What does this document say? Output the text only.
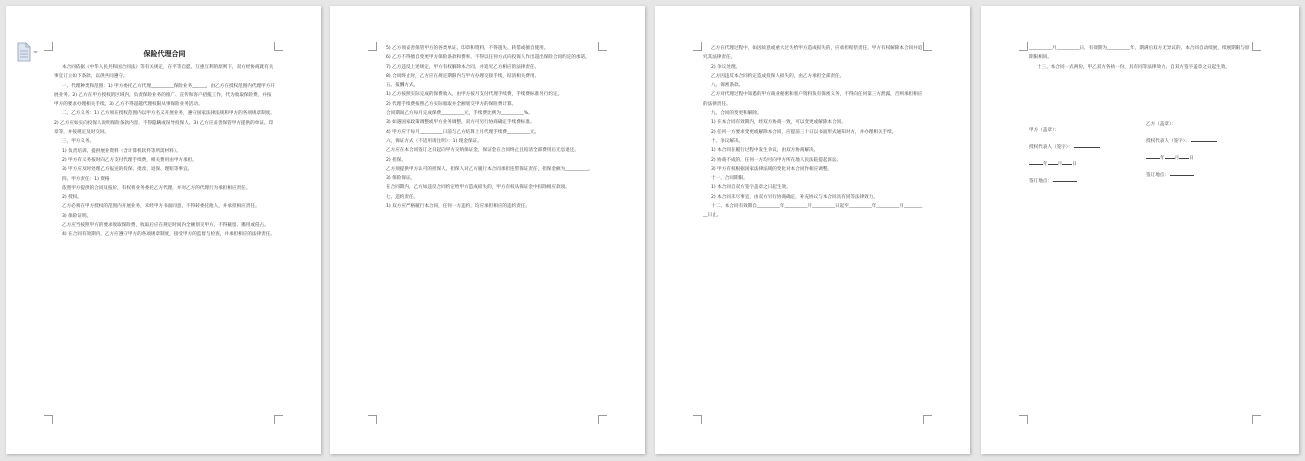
保险代理合同

本合同依据《中华人民共和国合同法》等有关规定，在平等自愿、互惠互利的原则下，双方经协商就有关事宜订立如下条款，以供共同遵守。

一、代理种类和范围：1) 甲方委托乙方代理__________保险业务______，由乙方在授权范围内代理甲方开展业务。2) 乙方在甲方授权的区域内，负责保险业务的推广、宣传和客户招揽工作，代为收取保险费，并按甲方的要求办理相关手续。3) 乙方不得超越代理权限从事保险业务活动。

二、乙方义务：1) 乙方须在授权范围内以甲方名义开展业务，遵守国家法律法规和甲方的各项规章制度。2) 乙方应如实向投保人说明保险条款内容，不得隐瞒或误导投保人。3) 乙方应妥善保管甲方提供的单证、印章等，并按规定及时交回。

三、甲方义务。

1) 负责培训、提供展业资料（含计算机软件等所需材料）。

2) 甲方有义务按时向乙方支付代理手续费，相关费用由甲方承担。

3) 甲方应及时处理乙方报送的投保、批改、退保、理赔等事宜。

四、甲方责任：1) 资格

依照甲方提供的合同及报价，有权将业务委托乙方代理，并对乙方的代理行为承担相应责任。

2) 授权。

乙方必须在甲方授权的范围内开展业务，未经甲方书面同意，不得转委托他人，并承担相应责任。

3) 保险证明。

乙方应当按照甲方的要求收取保险费，收取后应在规定时间内全额划交甲方，不得截留、挪用或侵占。

4) 在合同有效期内，乙方应遵守甲方的各项规章制度，接受甲方的监督与检查，并承担相应的法律责任。

5) 乙方须妥善保管甲方的各类单证、印章和资料，不得遗失、转借或擅自使用。

6) 乙方不得擅自变更甲方保险条款和费率，不得以任何方式向投保人作出超出保险合同约定的承诺。

7) 乙方违反上述规定，甲方有权解除本合同，并追究乙方相应的法律责任。

8) 合同终止时，乙方应在规定期限内与甲方办理交接手续，结清相关费用。

五、报酬方式。

1) 乙方按照实际完成的保费收入，由甲方按月支付代理手续费，手续费标准另行约定。

2) 代理手续费按照乙方实际收取并全额划交甲方的保险费计算。

合同期间乙方每月完成保费__________元，手续费比例为__________%。

3) 如遇国家政策调整或甲方业务调整，双方可另行协商确定手续费标准。

4) 甲方应于每月__________日前与乙方结算上月代理手续费__________元。

六、保证方式（不适用请注明）：1) 现金保证。

乙方应在本合同签订之日起向甲方交纳保证金，保证金在合同终止且结清全部费用后无息退还。

2) 担保。

乙方须提供甲方认可的担保人，担保人对乙方履行本合同承担连带保证责任，担保金额为__________。

3) 保险保证。

在合同期内，乙方如违反合同约定给甲方造成损失的，甲方有权从保证金中扣除相应款项。

七、违约责任。

1) 双方应严格履行本合同，任何一方违约，均应承担相应的违约责任。

乙方在代理过程中，如因故意或重大过失给甲方造成损失的，应承担赔偿责任，甲方有权解除本合同并追究其法律责任。

2) 争议处理。

乙方因违反本合同约定造成投保人损失的，由乙方承担全部责任。

八、保密条款。

乙方对代理过程中知悉的甲方商业秘密和客户资料负有保密义务，不得向任何第三方泄露，否则承担相应的法律责任。

九、合同的变更和解除。

1) 在本合同有效期内，经双方协商一致，可以变更或解除本合同。

2) 任何一方要求变更或解除本合同，应提前三十日以书面形式通知对方，并办理相关手续。

十、争议解决。

1) 本合同在履行过程中发生争议，由双方协商解决。

2) 协商不成的，任何一方均可向甲方所在地人民法院提起诉讼。

3) 甲方有权根据国家法律法规的变化对本合同作相应调整。

十一、合同期限。

1) 本合同自双方签字盖章之日起生效。

2) 本合同未尽事宜，由双方另行协商确定，补充协议与本合同具有同等法律效力。

十二、本合同有效期自__________年__________月__________日起至__________年__________月__________日止。

__________月__________日，有效期为__________年，期满后双方无异议的，本合同自动续展，续展期限与原期限相同。

十三、本合同一式两份，甲乙双方各执一份，具有同等法律效力，自双方签字盖章之日起生效。

甲方（盖章）：
授权代表人（签字）：
年 月 日
签订地点：
乙方（盖章）：
授权代表人（签字）：
年 月 日
签订地点：
